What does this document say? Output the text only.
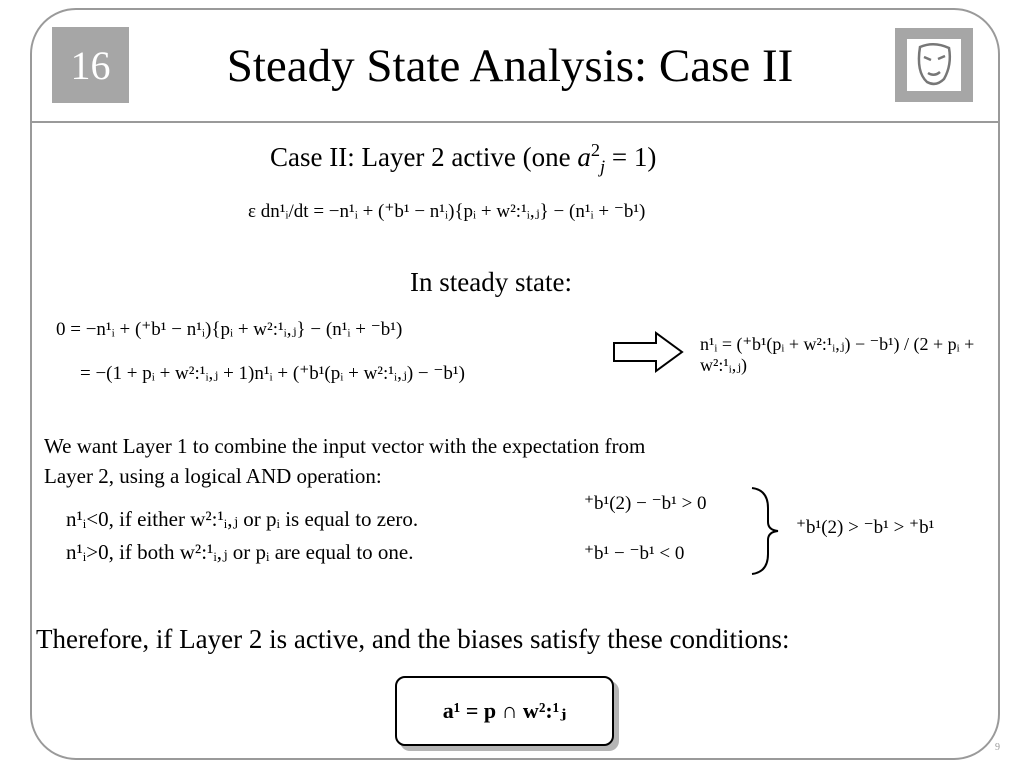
16	Steady State Analysis: Case II
Case II: Layer 2 active (one $a^2_j = 1$)
ε dn¹ᵢ/dt = −n¹ᵢ + (⁺b¹ − n¹ᵢ){pᵢ + w²:¹ᵢ,ⱼ} − (n¹ᵢ + ⁻b¹)
In steady state:
0 = −n¹ᵢ + (⁺b¹ − n¹ᵢ){pᵢ + w²:¹ᵢ,ⱼ} − (n¹ᵢ + ⁻b¹)
= −(1 + pᵢ + w²:¹ᵢ,ⱼ + 1)n¹ᵢ + (⁺b¹(pᵢ + w²:¹ᵢ,ⱼ) − ⁻b¹)
n¹ᵢ = (⁺b¹(pᵢ + w²:¹ᵢ,ⱼ) − ⁻b¹) / (2 + pᵢ + w²:¹ᵢ,ⱼ)
We want Layer 1 to combine the input vector with the expectation from
Layer 2, using a logical AND operation:
n¹ᵢ<0, if either w²:¹ᵢ,ⱼ or pᵢ is equal to zero.
n¹ᵢ>0, if both w²:¹ᵢ,ⱼ or pᵢ are equal to one.
⁺b¹(2) − ⁻b¹ > 0
⁺b¹ − ⁻b¹ < 0
⁺b¹(2) > ⁻b¹ > ⁺b¹
Therefore, if Layer 2 is active, and the biases satisfy these conditions:
a¹ = p ∩ w²:¹ⱼ
9
